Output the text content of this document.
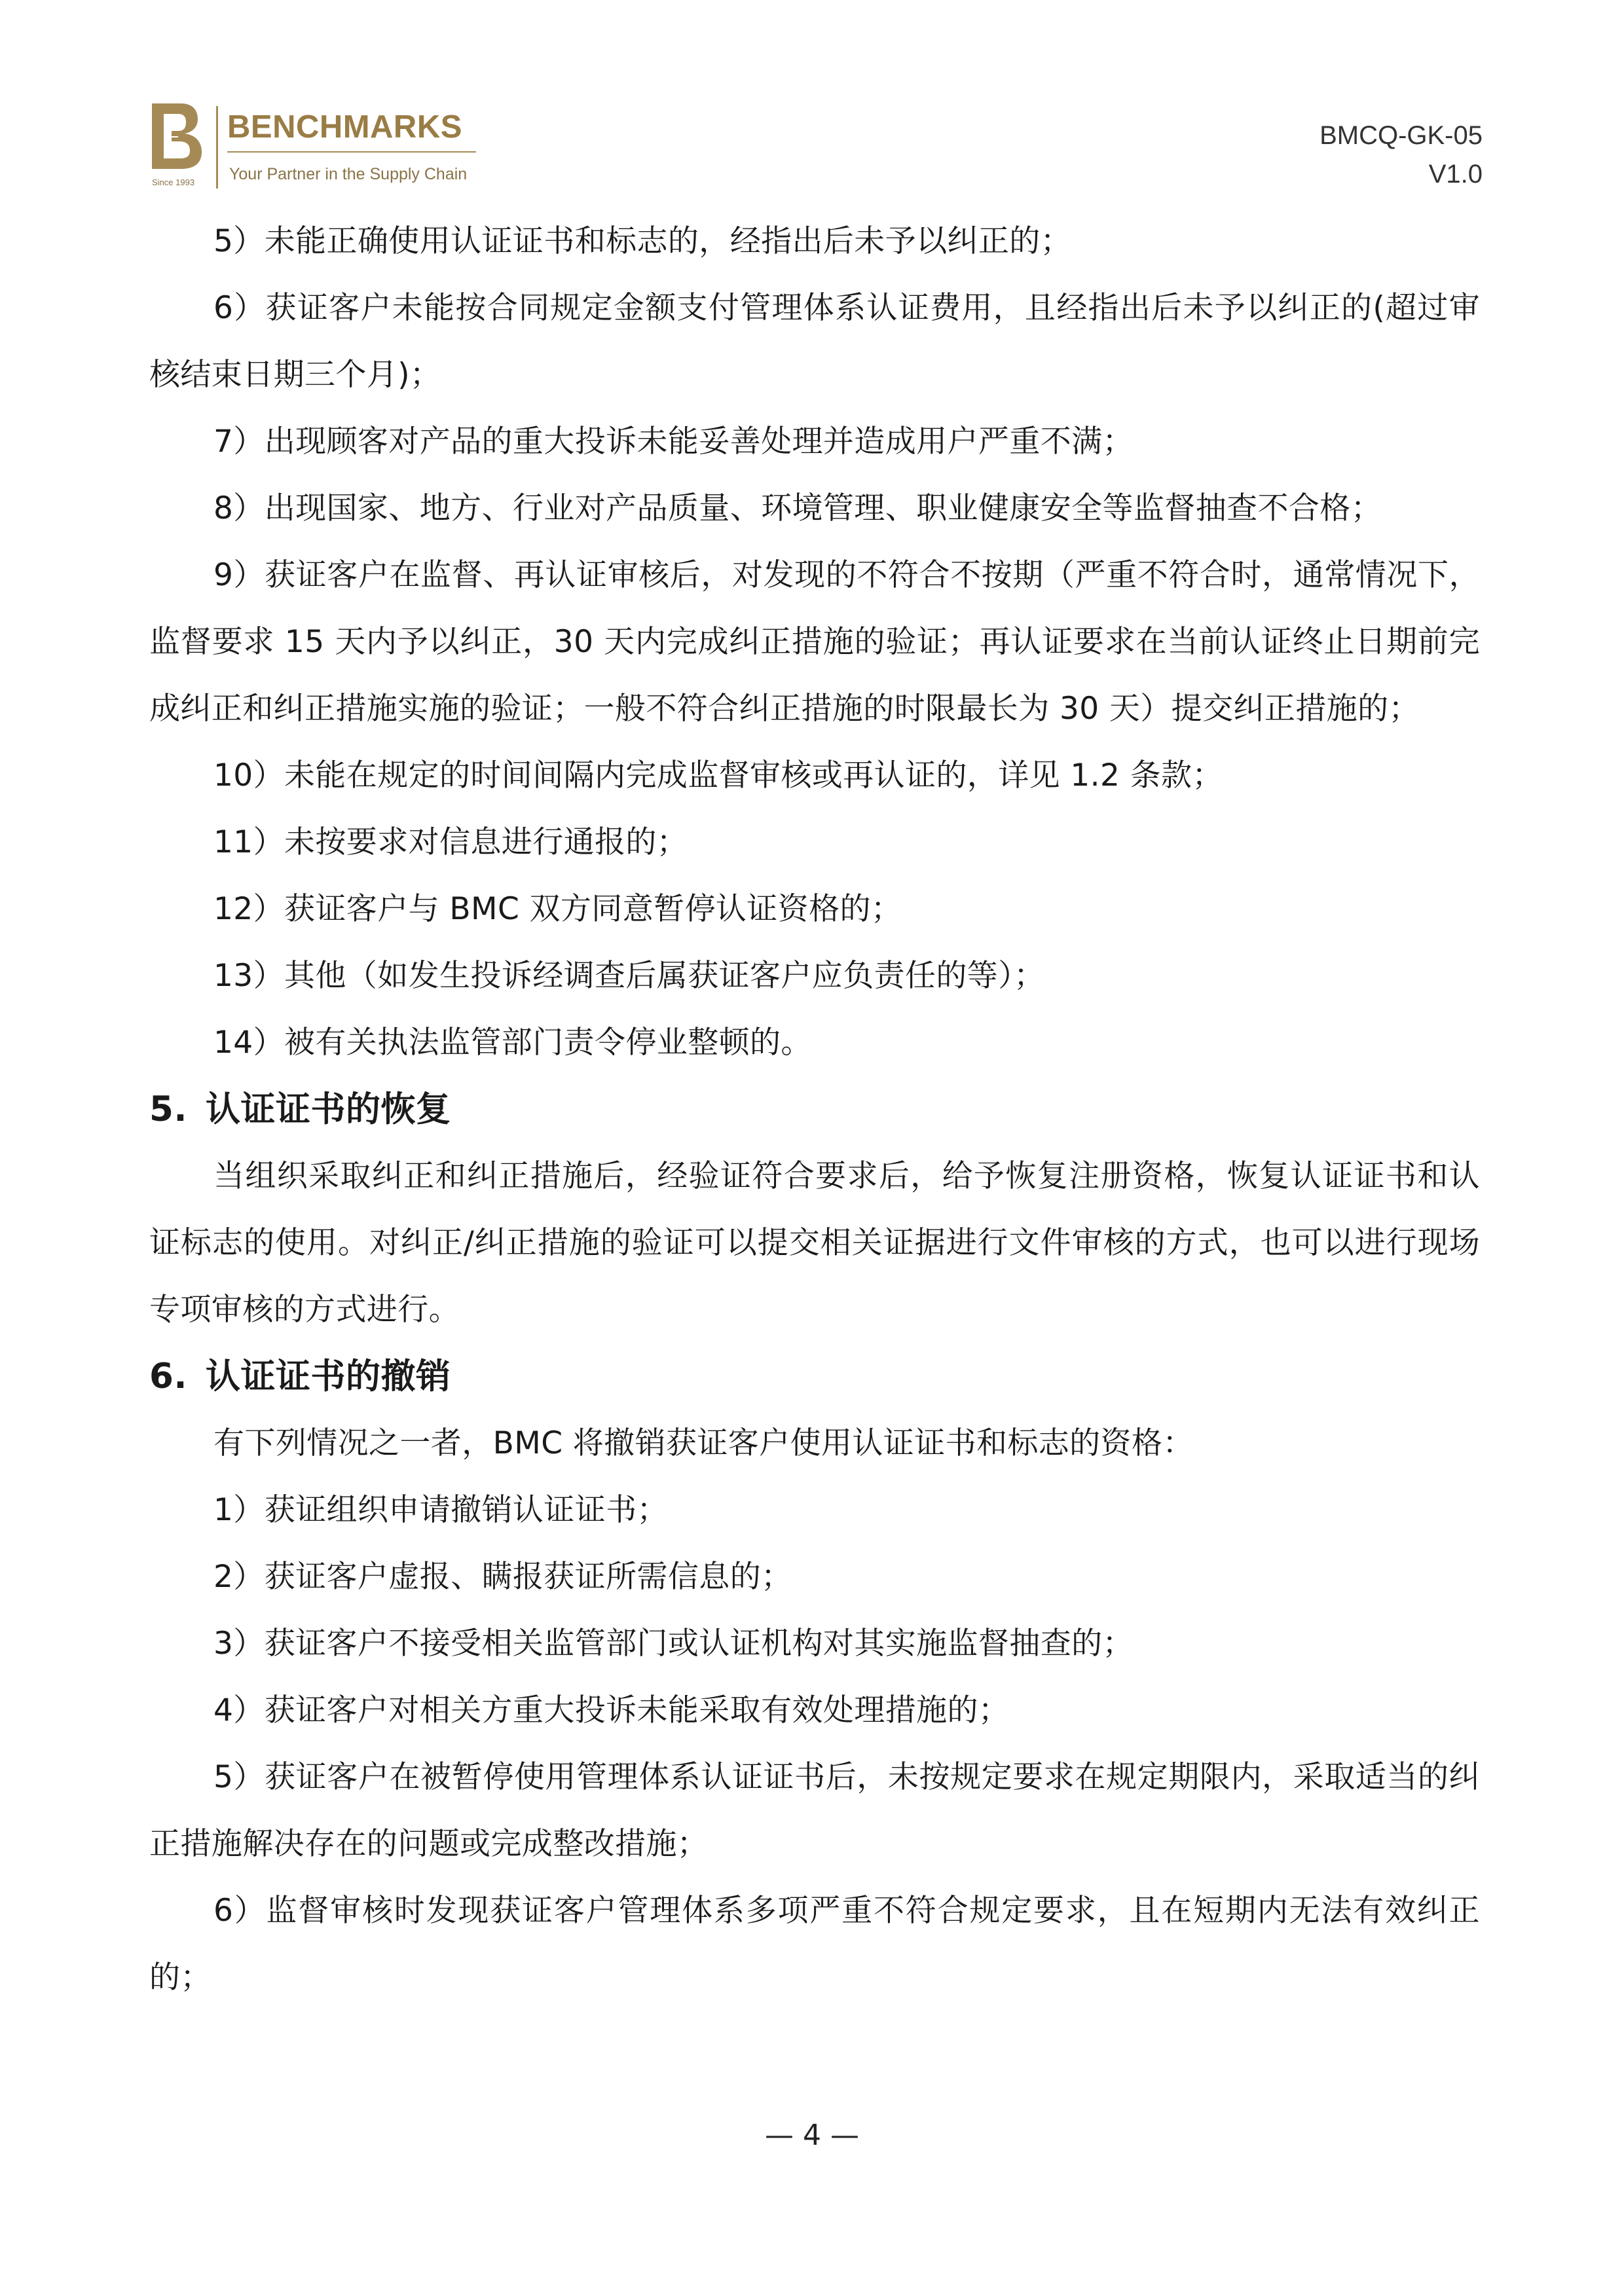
Since 1993
BENCHMARKS
Your Partner in the Supply Chain
BMCQ-GK-05
V1.0

5）未能正确使用认证证书和标志的，经指出后未予以纠正的；

6）获证客户未能按合同规定金额支付管理体系认证费用，且经指出后未予以纠正的(超过审核结束日期三个月)；

7）出现顾客对产品的重大投诉未能妥善处理并造成用户严重不满；

8）出现国家、地方、行业对产品质量、环境管理、职业健康安全等监督抽查不合格；

9）获证客户在监督、再认证审核后，对发现的不符合不按期（严重不符合时，通常情况下，监督要求 15 天内予以纠正，30 天内完成纠正措施的验证；再认证要求在当前认证终止日期前完成纠正和纠正措施实施的验证；一般不符合纠正措施的时限最长为 30 天）提交纠正措施的；

10）未能在规定的时间间隔内完成监督审核或再认证的，详见 1.2 条款；

11）未按要求对信息进行通报的；

12）获证客户与 BMC 双方同意暂停认证资格的；

13）其他（如发生投诉经调查后属获证客户应负责任的等）；

14）被有关执法监管部门责令停业整顿的。

5. 认证证书的恢复

当组织采取纠正和纠正措施后，经验证符合要求后，给予恢复注册资格，恢复认证证书和认证标志的使用。对纠正/纠正措施的验证可以提交相关证据进行文件审核的方式，也可以进行现场专项审核的方式进行。

6. 认证证书的撤销

有下列情况之一者，BMC 将撤销获证客户使用认证证书和标志的资格：

1）获证组织申请撤销认证证书；

2）获证客户虚报、瞒报获证所需信息的；

3）获证客户不接受相关监管部门或认证机构对其实施监督抽查的；

4）获证客户对相关方重大投诉未能采取有效处理措施的；

5）获证客户在被暂停使用管理体系认证证书后，未按规定要求在规定期限内，采取适当的纠正措施解决存在的问题或完成整改措施；

6）监督审核时发现获证客户管理体系多项严重不符合规定要求，且在短期内无法有效纠正的；

— 4 —
